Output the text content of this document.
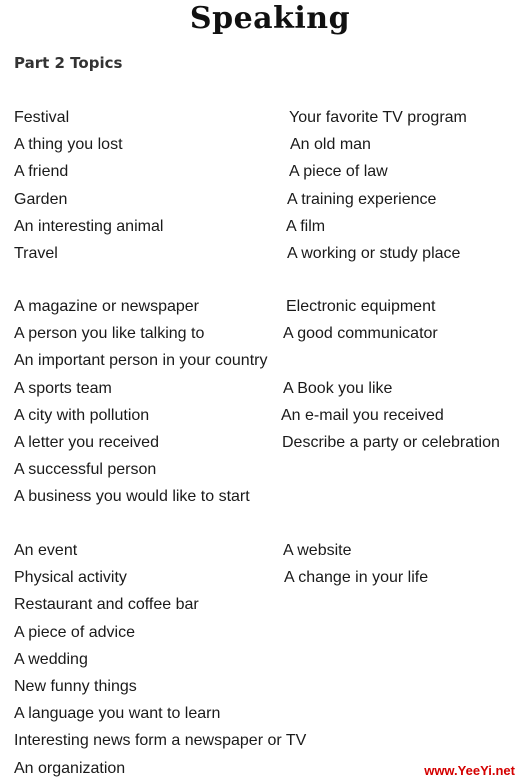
Speaking
Part 2 Topics
Festival
A thing you lost
A friend
Garden
An interesting animal
Travel
Your favorite TV program
An old man
A piece of law
A training experience
A film
A working or study place
A magazine or newspaper
A person you like talking to
An important person in your country
A sports team
A city with pollution
A letter you received
A successful person
A business you would like to start
Electronic equipment
A good communicator
A Book you like
An e-mail you received
Describe a party or celebration
An event
Physical activity
Restaurant and coffee bar
A piece of advice
A wedding
New funny things
A language you want to learn
Interesting news form a newspaper or TV
An organization
A website
A change in your life
www.YeeYi.net
